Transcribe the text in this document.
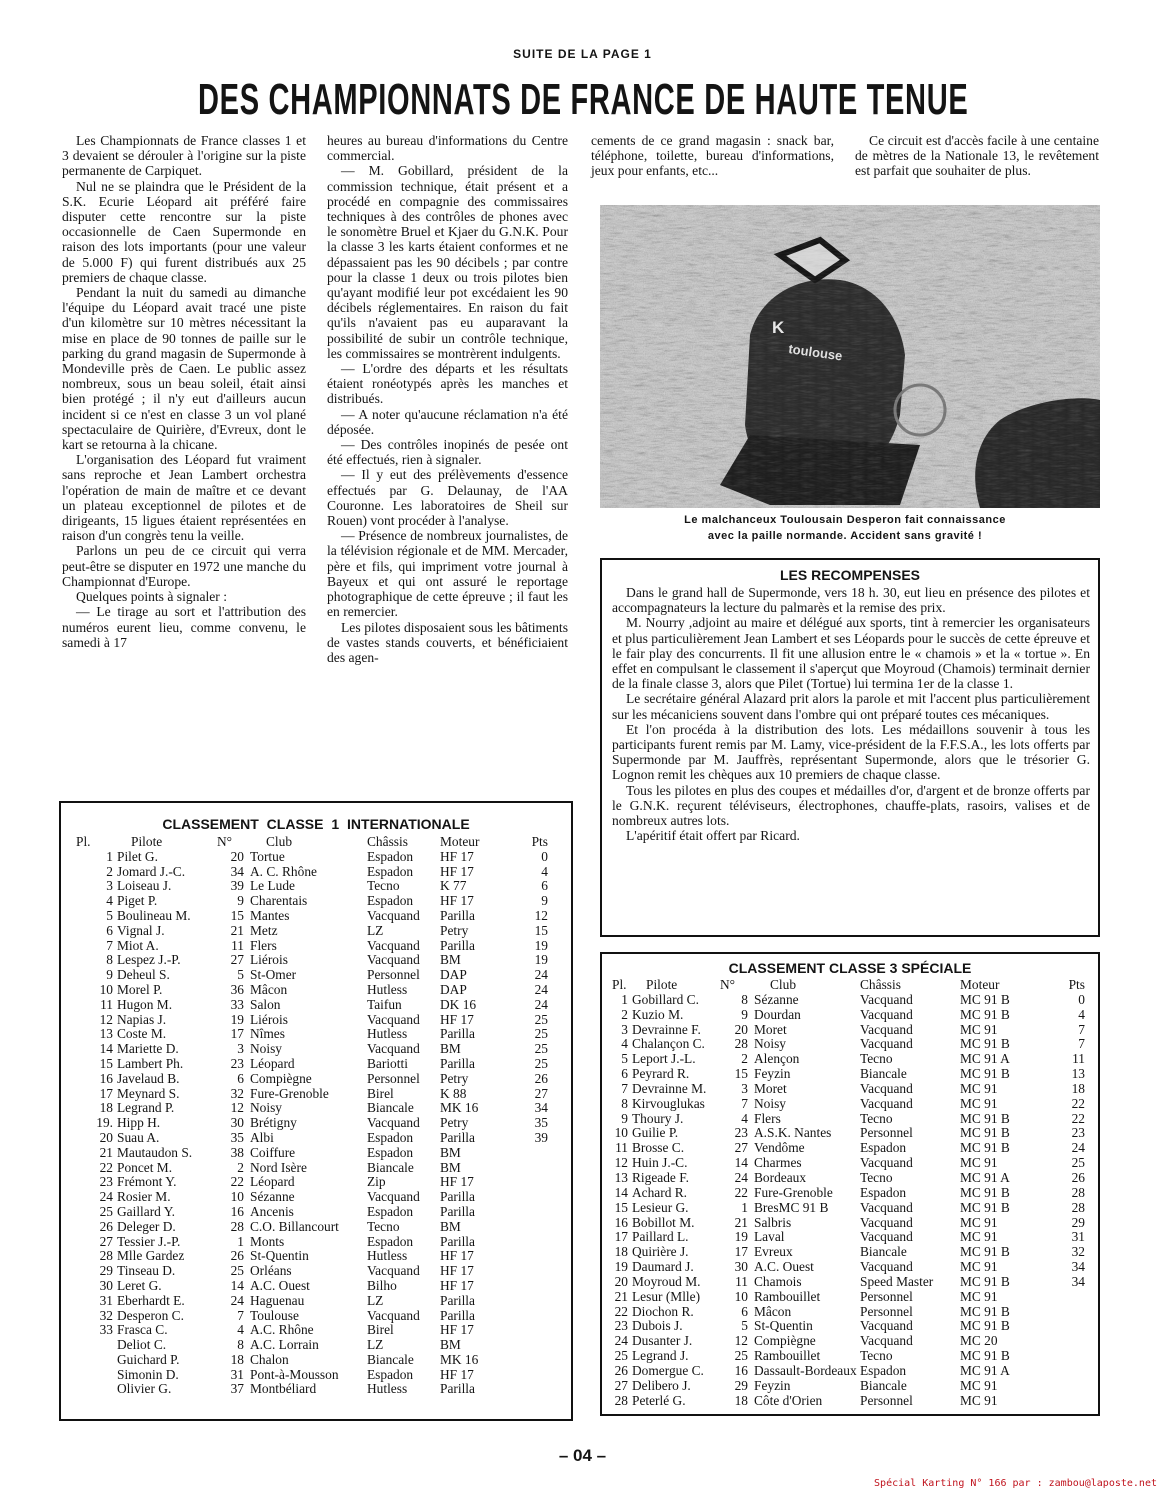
SUITE DE LA PAGE 1
DES CHAMPIONNATS DE FRANCE DE HAUTE TENUE

Les Championnats de France classes 1 et 3 devaient se dérouler à l'origine sur la piste permanente de Carpiquet.

Nul ne se plaindra que le Président de la S.K. Ecurie Léopard ait préféré faire disputer cette rencontre sur la piste occasionnelle de Caen Supermonde en raison des lots importants (pour une valeur de 5.000 F) qui furent distribués aux 25 premiers de chaque classe.

Pendant la nuit du samedi au dimanche l'équipe du Léopard avait tracé une piste d'un kilomètre sur 10 mètres nécessitant la mise en place de 90 tonnes de paille sur le parking du grand magasin de Supermonde à Mondeville près de Caen. Le public assez nombreux, sous un beau soleil, était ainsi bien protégé ; il n'y eut d'ailleurs aucun incident si ce n'est en classe 3 un vol plané spectaculaire de Quirière, d'Evreux, dont le kart se retourna à la chicane.

L'organisation des Léopard fut vraiment sans reproche et Jean Lambert orchestra l'opération de main de maître et ce devant un plateau exceptionnel de pilotes et de dirigeants, 15 ligues étaient représentées en raison d'un congrès tenu la veille.

Parlons un peu de ce circuit qui verra peut-être se disputer en 1972 une manche du Championnat d'Europe.

Quelques points à signaler :

— Le tirage au sort et l'attribution des numéros eurent lieu, comme convenu, le samedi à 17

heures au bureau d'informations du Centre commercial.

— M. Gobillard, président de la commission technique, était présent et a procédé en compagnie des commissaires techniques à des contrôles de phones avec le sonomètre Bruel et Kjaer du G.N.K. Pour la classe 3 les karts étaient conformes et ne dépassaient pas les 90 décibels ; par contre pour la classe 1 deux ou trois pilotes bien qu'ayant modifié leur pot excédaient les 90 décibels réglementaires. En raison du fait qu'ils n'avaient pas eu auparavant la possibilité de subir un contrôle technique, les commissaires se montrèrent indulgents.

— L'ordre des départs et les résultats étaient ronéotypés après les manches et distribués.

— A noter qu'aucune réclamation n'a été déposée.

— Des contrôles inopinés de pesée ont été effectués, rien à signaler.

— Il y eut des prélèvements d'essence effectués par G. Delaunay, de l'AA Couronne. Les laboratoires de Sheil sur Rouen) vont procéder à l'analyse.

— Présence de nombreux journalistes, de la télévision régionale et de MM. Mercader, père et fils, qui impriment votre journal à Bayeux et qui ont assuré le reportage photographique de cette épreuve ; il faut les en remercier.

Les pilotes disposaient sous les bâtiments de vastes stands couverts, et bénéficiaient des agen-

cements de ce grand magasin : snack bar, téléphone, toilette, bureau d'informations, jeux pour enfants, etc...

Ce circuit est d'accès facile à une centaine de mètres de la Nationale 13, le revêtement est parfait que souhaiter de plus.

K
toulouse
Le malchanceux Toulousain Desperon fait connaissance
avec la paille normande. Accident sans gravité !
LES RECOMPENSES

Dans le grand hall de Supermonde, vers 18 h. 30, eut lieu en présence des pilotes et accompagnateurs la lecture du palmarès et la remise des prix.

M. Nourry ,adjoint au maire et délégué aux sports, tint à remercier les organisateurs et plus particulièrement Jean Lambert et ses Léopards pour le succès de cette épreuve et le fair play des concurrents. Il fit une allusion entre le « chamois » et la « tortue ». En effet en compulsant le classement il s'aperçut que Moyroud (Chamois) terminait dernier de la finale classe 3, alors que Pilet (Tortue) lui termina 1er de la classe 1.

Le secrétaire général Alazard prit alors la parole et mit l'accent plus particulièrement sur les mécaniciens souvent dans l'ombre qui ont préparé toutes ces mécaniques.

Et l'on procéda à la distribution des lots. Les médaillons souvenir à tous les participants furent remis par M. Lamy, vice-président de la F.F.S.A., les lots offerts par Supermonde par M. Jauffrès, représentant Supermonde, alors que le trésorier G. Lognon remit les chèques aux 10 premiers de chaque classe.

Tous les pilotes en plus des coupes et médailles d'or, d'argent et de bronze offerts par le G.N.K. reçurent téléviseurs, électrophones, chauffe-plats, rasoirs, valises et de nombreux autres lots.

L'apéritif était offert par Ricard.

CLASSEMENT CLASSE 1 INTERNATIONALE
Pl.	Pilote	N°	Club	Châssis	Moteur	Pts
1	Pilet G.	20	Tortue	Espadon	HF 17	0
2	Jomard J.-C.	34	A. C. Rhône	Espadon	HF 17	4
3	Loiseau J.	39	Le Lude	Tecno	K 77	6
4	Piget P.	9	Charentais	Espadon	HF 17	9
5	Boulineau M.	15	Mantes	Vacquand	Parilla	12
6	Vignal J.	21	Metz	LZ	Petry	15
7	Miot A.	11	Flers	Vacquand	Parilla	19
8	Lespez J.-P.	27	Liérois	Vacquand	BM	19
9	Deheul S.	5	St-Omer	Personnel	DAP	24
10	Morel P.	36	Mâcon	Hutless	DAP	24
11	Hugon M.	33	Salon	Taifun	DK 16	24
12	Napias J.	19	Liérois	Vacquand	HF 17	25
13	Coste M.	17	Nîmes	Hutless	Parilla	25
14	Mariette D.	3	Noisy	Vacquand	BM	25
15	Lambert Ph.	23	Léopard	Bariotti	Parilla	25
16	Javelaud B.	6	Compiègne	Personnel	Petry	26
17	Meynard S.	32	Fure-Grenoble	Birel	K 88	27
18	Legrand P.	12	Noisy	Biancale	MK 16	34
19.	Hipp H.	30	Brétigny	Vacquand	Petry	35
20	Suau A.	35	Albi	Espadon	Parilla	39
21	Mautaudon S.	38	Coiffure	Espadon	BM	
22	Poncet M.	2	Nord Isère	Biancale	BM	
23	Frémont Y.	22	Léopard	Zip	HF 17	
24	Rosier M.	10	Sézanne	Vacquand	Parilla	
25	Gaillard Y.	16	Ancenis	Espadon	Parilla	
26	Deleger D.	28	C.O. Billancourt	Tecno	BM	
27	Tessier J.-P.	1	Monts	Espadon	Parilla	
28	Mlle Gardez	26	St-Quentin	Hutless	HF 17	
29	Tinseau D.	25	Orléans	Vacquand	HF 17	
30	Leret G.	14	A.C. Ouest	Bilho	HF 17	
31	Eberhardt E.	24	Haguenau	LZ	Parilla	
32	Desperon C.	7	Toulouse	Vacquand	Parilla	
33	Frasca C.	4	A.C. Rhône	Birel	HF 17	
	Deliot C.	8	A.C. Lorrain	LZ	BM	
	Guichard P.	18	Chalon	Biancale	MK 16	
	Simonin D.	31	Pont-à-Mousson	Espadon	HF 17	
	Olivier G.	37	Montbéliard	Hutless	Parilla	
CLASSEMENT CLASSE 3 SPÉCIALE
Pl.	Pilote	N°	Club	Châssis	Moteur	Pts
1	Gobillard C.	8	Sézanne	Vacquand	MC 91 B	0
2	Kuzio M.	9	Dourdan	Vacquand	MC 91 B	4
3	Devrainne F.	20	Moret	Vacquand	MC 91	7
4	Chalançon C.	28	Noisy	Vacquand	MC 91 B	7
5	Leport J.-L.	2	Alençon	Tecno	MC 91 A	11
6	Peyrard R.	15	Feyzin	Biancale	MC 91 B	13
7	Devrainne M.	3	Moret	Vacquand	MC 91	18
8	Kirvouglukas	7	Noisy	Vacquand	MC 91	22
9	Thoury J.	4	Flers	Tecno	MC 91 B	22
10	Guilie P.	23	A.S.K. Nantes	Personnel	MC 91 B	23
11	Brosse C.	27	Vendôme	Espadon	MC 91 B	24
12	Huin J.-C.	14	Charmes	Vacquand	MC 91	25
13	Rigeade F.	24	Bordeaux	Tecno	MC 91 A	26
14	Achard R.	22	Fure-Grenoble	Espadon	MC 91 B	28
15	Lesieur G.	1	BresMC 91 B	Vacquand	MC 91 B	28
16	Bobillot M.	21	Salbris	Vacquand	MC 91	29
17	Paillard L.	19	Laval	Vacquand	MC 91	31
18	Quirière J.	17	Evreux	Biancale	MC 91 B	32
19	Daumard J.	30	A.C. Ouest	Vacquand	MC 91	34
20	Moyroud M.	11	Chamois	Speed Master	MC 91 B	34
21	Lesur (Mlle)	10	Rambouillet	Personnel	MC 91	
22	Diochon R.	6	Mâcon	Personnel	MC 91 B	
23	Dubois J.	5	St-Quentin	Vacquand	MC 91 B	
24	Dusanter J.	12	Compiègne	Vacquand	MC 20	
25	Legrand J.	25	Rambouillet	Tecno	MC 91 B	
26	Domergue C.	16	Dassault-Bordeaux	Espadon	MC 91 A	
27	Delibero J.	29	Feyzin	Biancale	MC 91	
28	Peterlé G.	18	Côte d'Orien	Personnel	MC 91	
– 04 –
Spécial Karting N° 166 par : zambou@laposte.net
